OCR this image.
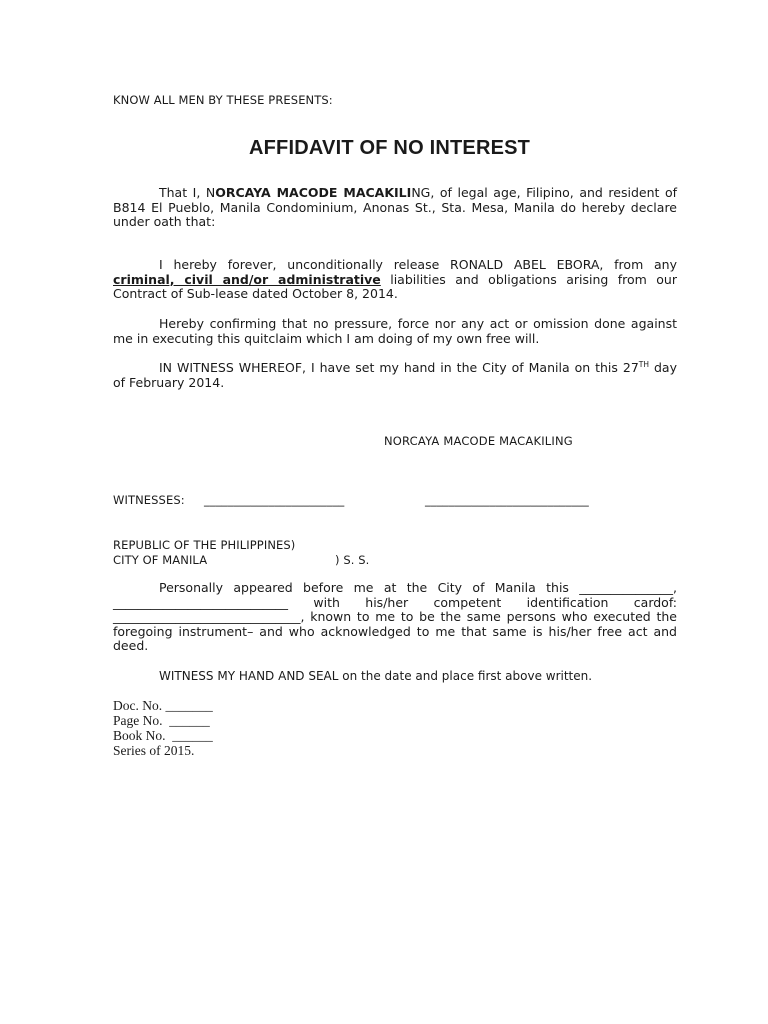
KNOW ALL MEN BY THESE PRESENTS:
AFFIDAVIT OF NO INTEREST
That I, NORCAYA MACODE MACAKILING, of legal age, Filipino, and resident of B814 El Pueblo, Manila Condominium, Anonas St., Sta. Mesa, Manila do hereby declare under oath that:
I hereby forever, unconditionally release RONALD ABEL EBORA, from any criminal, civil and/or administrative liabilities and obligations arising from our Contract of Sub-lease dated October 8, 2014.
Hereby confirming that no pressure, force nor any act or omission done against me in executing this quitclaim which I am doing of my own free will.
IN WITNESS WHEREOF, I have set my hand in the City of Manila on this 27TH day of February 2014.
NORCAYA MACODE MACAKILING
WITNESSES: ________________________	____________________________
REPUBLIC OF THE PHILIPPINES)
CITY OF MANILA	) S. S.
Personally appeared before me at the City of Manila this _______________, ____________________________ with his/her competent identification cardof: ______________________________, known to me to be the same persons who executed the foregoing instrument– and who acknowledged to me that same is his/her free act and deed.
WITNESS MY HAND AND SEAL on the date and place first above written.
Doc. No. _______
Page No.  ______
Book No.  ______
Series of 2015.
